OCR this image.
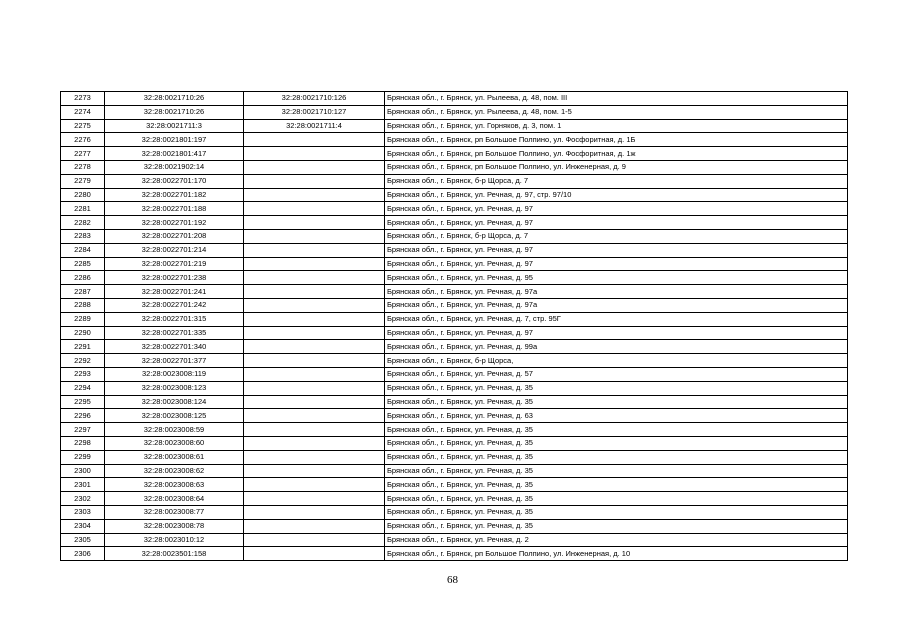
2273	32:28:0021710:26	32:28:0021710:126	Брянская обл., г. Брянск, ул. Рылеева, д. 48, пом. III
2274	32:28:0021710:26	32:28:0021710:127	Брянская обл., г. Брянск, ул. Рылеева, д. 48, пом. 1-5
2275	32:28:0021711:3	32:28:0021711:4	Брянская обл., г. Брянск, ул. Горняков, д. 3, пом. 1
2276	32:28:0021801:197		Брянская обл., г. Брянск, рп Большое Полпино, ул. Фосфоритная, д. 1Б
2277	32:28:0021801:417		Брянская обл., г. Брянск, рп Большое Полпино, ул. Фосфоритная, д. 1ж
2278	32:28:0021902:14		Брянская обл., г. Брянск, рп Большое Полпино, ул. Инженерная, д. 9
2279	32:28:0022701:170		Брянская обл., г. Брянск, б-р Щорса, д. 7
2280	32:28:0022701:182		Брянская обл., г. Брянск, ул. Речная, д. 97, стр. 97/10
2281	32:28:0022701:188		Брянская обл., г. Брянск, ул. Речная, д. 97
2282	32:28:0022701:192		Брянская обл., г. Брянск, ул. Речная, д. 97
2283	32:28:0022701:208		Брянская обл., г. Брянск, б-р Щорса, д. 7
2284	32:28:0022701:214		Брянская обл., г. Брянск, ул. Речная, д. 97
2285	32:28:0022701:219		Брянская обл., г. Брянск, ул. Речная, д. 97
2286	32:28:0022701:238		Брянская обл., г. Брянск, ул. Речная, д. 95
2287	32:28:0022701:241		Брянская обл., г. Брянск, ул. Речная, д. 97а
2288	32:28:0022701:242		Брянская обл., г. Брянск, ул. Речная, д. 97а
2289	32:28:0022701:315		Брянская обл., г. Брянск, ул. Речная, д. 7, стр. 95Г
2290	32:28:0022701:335		Брянская обл., г. Брянск, ул. Речная, д. 97
2291	32:28:0022701:340		Брянская обл., г. Брянск, ул. Речная, д. 99а
2292	32:28:0022701:377		Брянская обл., г. Брянск, б-р Щорса,
2293	32:28:0023008:119		Брянская обл., г. Брянск, ул. Речная, д. 57
2294	32:28:0023008:123		Брянская обл., г. Брянск, ул. Речная, д. 35
2295	32:28:0023008:124		Брянская обл., г. Брянск, ул. Речная, д. 35
2296	32:28:0023008:125		Брянская обл., г. Брянск, ул. Речная, д. 63
2297	32:28:0023008:59		Брянская обл., г. Брянск, ул. Речная, д. 35
2298	32:28:0023008:60		Брянская обл., г. Брянск, ул. Речная, д. 35
2299	32:28:0023008:61		Брянская обл., г. Брянск, ул. Речная, д. 35
2300	32:28:0023008:62		Брянская обл., г. Брянск, ул. Речная, д. 35
2301	32:28:0023008:63		Брянская обл., г. Брянск, ул. Речная, д. 35
2302	32:28:0023008:64		Брянская обл., г. Брянск, ул. Речная, д. 35
2303	32:28:0023008:77		Брянская обл., г. Брянск, ул. Речная, д. 35
2304	32:28:0023008:78		Брянская обл., г. Брянск, ул. Речная, д. 35
2305	32:28:0023010:12		Брянская обл., г. Брянск, ул. Речная, д. 2
2306	32:28:0023501:158		Брянская обл., г. Брянск, рп Большое Полпино, ул. Инженерная, д. 10
68
